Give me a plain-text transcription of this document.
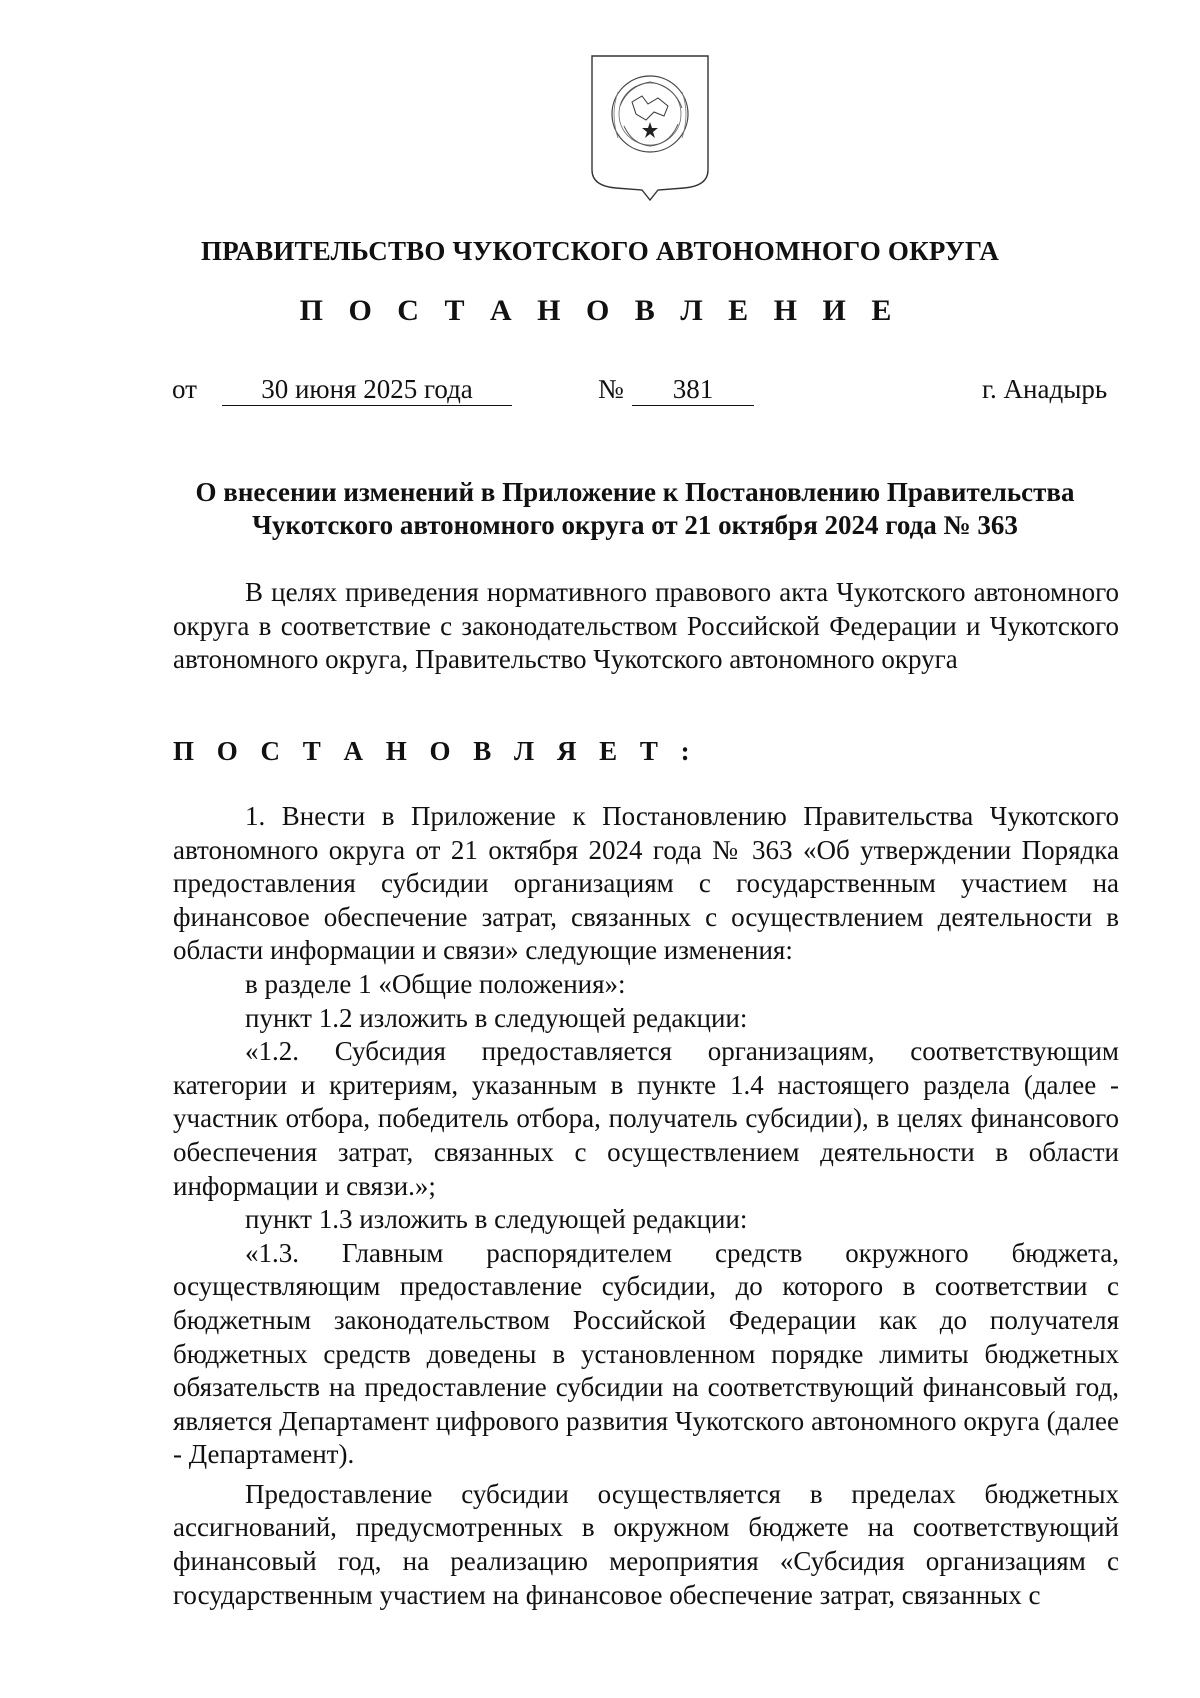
ПРАВИТЕЛЬСТВО ЧУКОТСКОГО АВТОНОМНОГО ОКРУГА
П О С Т А Н О В Л Е Н И Е
от	30 июня 2025 года	№	381	г. Анадырь
О внесении изменений в Приложение к Постановлению Правительства
Чукотского автономного округа от 21 октября 2024 года № 363

В целях приведения нормативного правового акта Чукотского автономного округа в соответствие с законодательством Российской Федерации и Чукотского автономного округа, Правительство Чукотского автономного округа

П О С Т А Н О В Л Я Е Т :

1. Внести в Приложение к Постановлению Правительства Чукотского автономного округа от 21 октября 2024 года № 363 «Об утверждении Порядка предоставления субсидии организациям с государственным участием на финансовое обеспечение затрат, связанных с осуществлением деятельности в области информации и связи» следующие изменения:

в разделе 1 «Общие положения»:

пункт 1.2 изложить в следующей редакции:

«1.2. Субсидия предоставляется организациям, соответствующим категории и критериям, указанным в пункте 1.4 настоящего раздела (далее - участник отбора, победитель отбора, получатель субсидии), в целях финансового обеспечения затрат, связанных с осуществлением деятельности в области информации и связи.»;

пункт 1.3 изложить в следующей редакции:

«1.3. Главным распорядителем средств окружного бюджета, осуществляющим предоставление субсидии, до которого в соответствии с бюджетным законодательством Российской Федерации как до получателя бюджетных средств доведены в установленном порядке лимиты бюджетных обязательств на предоставление субсидии на соответствующий финансовый год, является Департамент цифрового развития Чукотского автономного округа (далее - Департамент).

Предоставление субсидии осуществляется в пределах бюджетных ассигнований, предусмотренных в окружном бюджете на соответствующий финансовый год, на реализацию мероприятия «Субсидия организациям с государственным участием на финансовое обеспечение затрат, связанных с
